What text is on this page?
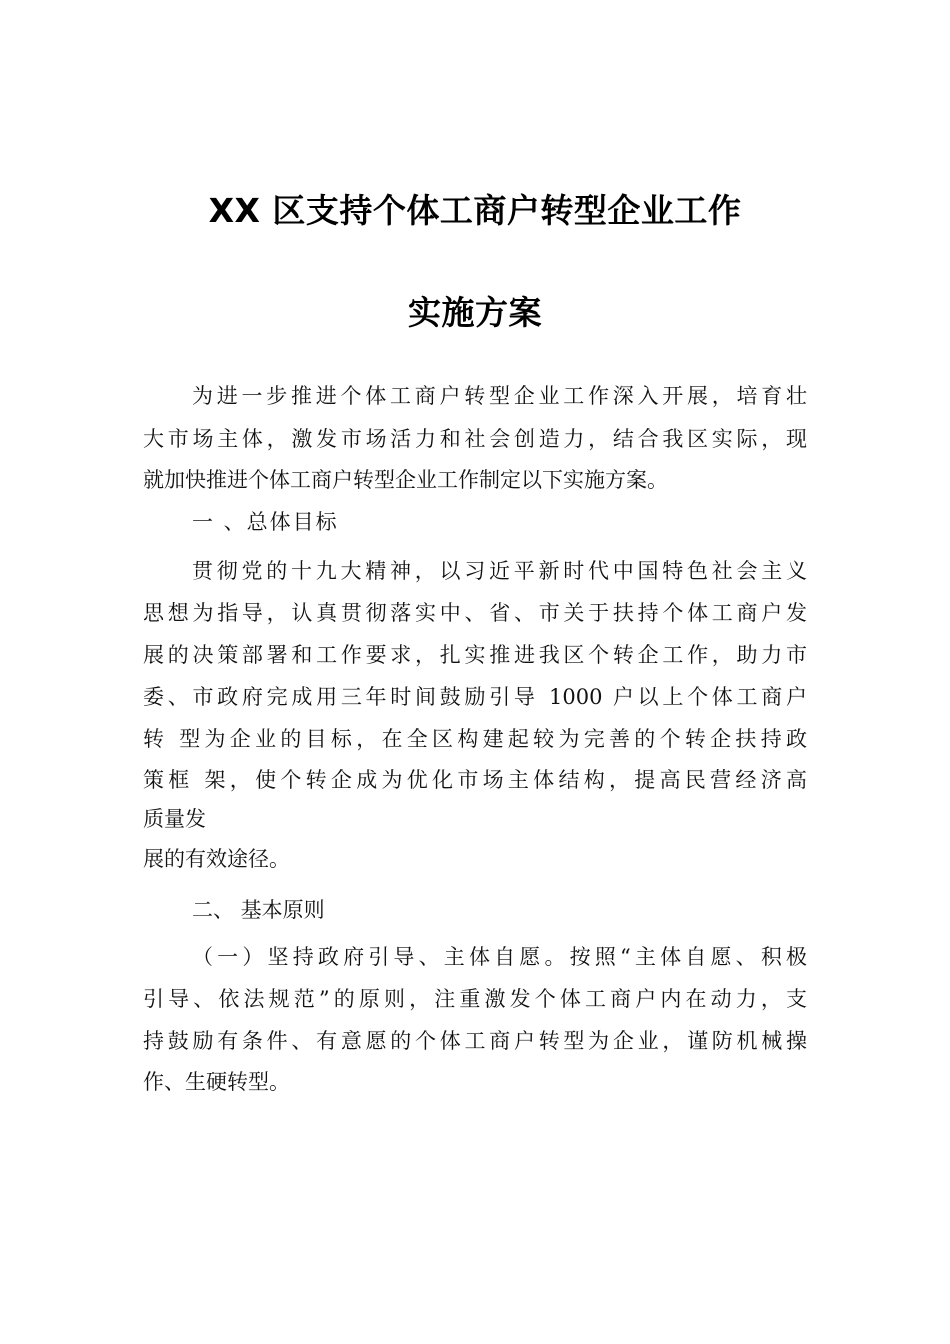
XX 区支持个体工商户转型企业工作
实施方案
为进一步推进个体工商户转型企业工作深入开展，培育壮
大市场主体，激发市场活力和社会创造力，结合我区实际，现
就加快推进个体工商户转型企业工作制定以下实施方案。
一 、总体目标
贯彻党的十九大精神，以习近平新时代中国特色社会主义
思想为指导，认真贯彻落实中、省、市关于扶持个体工商户发
展的决策部署和工作要求，扎实推进我区个转企工作，助力市
委、市政府完成用三年时间鼓励引导 1000 户以上个体工商户
转 型为企业的目标，在全区构建起较为完善的个转企扶持政
策框 架，使个转企成为优化市场主体结构，提高民营经济高
质量发
展的有效途径。
二、 基本原则
（一）坚持政府引导、主体自愿。按照“主体自愿、积极
引导、依法规范”的原则，注重激发个体工商户内在动力，支
持鼓励有条件、有意愿的个体工商户转型为企业，谨防机械操
作、生硬转型。
